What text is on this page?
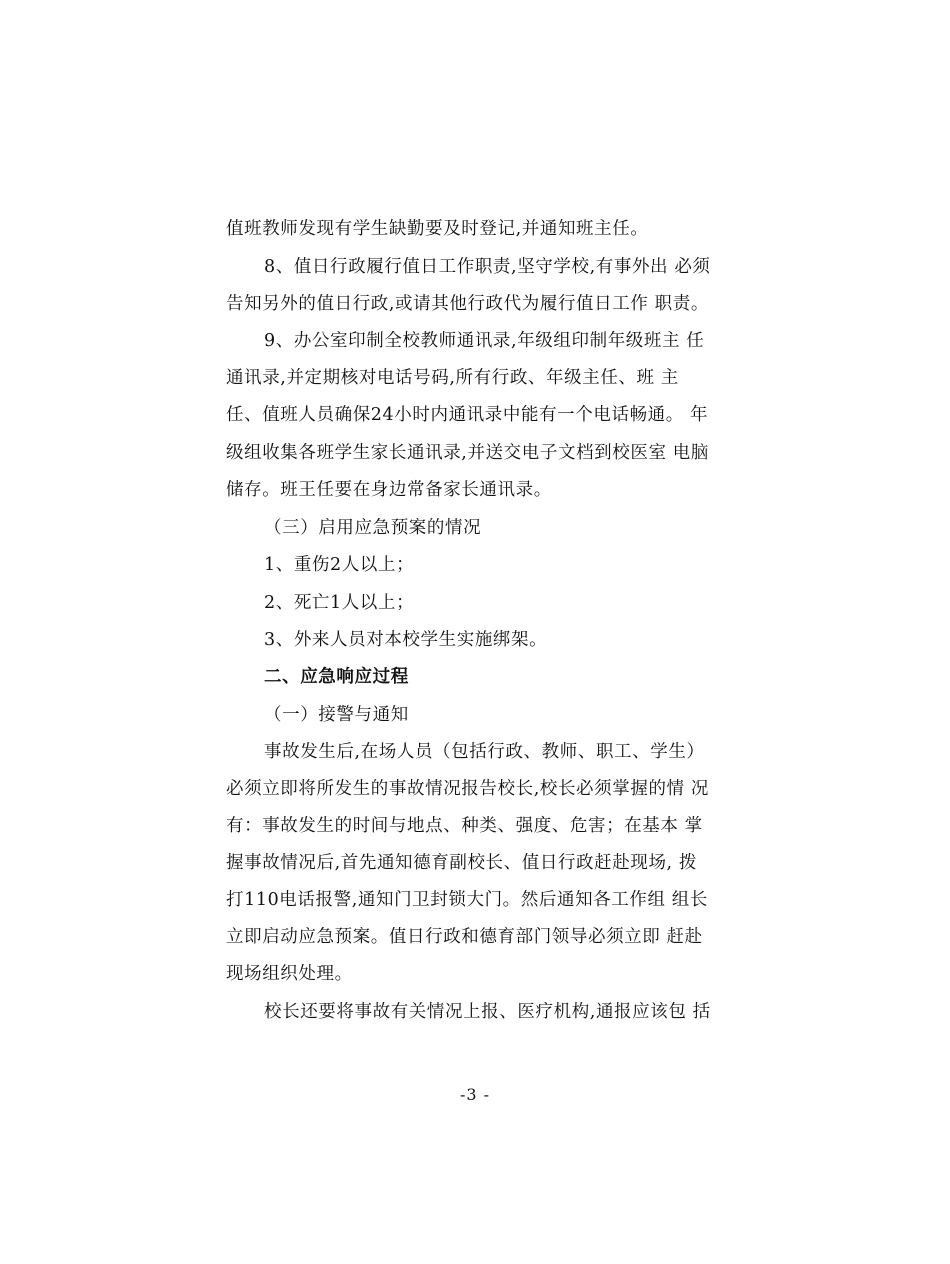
值班教师发现有学生缺勤要及时登记,并通知班主任。
8、值日行政履行值日工作职责,坚守学校,有事外出 必须
告知另外的值日行政,或请其他行政代为履行值日工作 职责。
9、办公室印制全校教师通讯录,年级组印制年级班主 任
通讯录,并定期核对电话号码,所有行政、年级主任、班 主
任、值班人员确保24小时内通讯录中能有一个电话畅通。 年
级组收集各班学生家长通讯录,并送交电子文档到校医室 电脑
储存。班王任要在身边常备家长通讯录。
（三）启用应急预案的情况
1、重伤2人以上；
2、死亡1人以上；
3、外来人员对本校学生实施绑架。
二、应急响应过程
（一）接警与通知
事故发生后,在场人员（包括行政、教师、职工、学生）
必须立即将所发生的事故情况报告校长,校长必须掌握的情 况
有：事故发生的时间与地点、种类、强度、危害；在基本 掌
握事故情况后,首先通知德育副校长、值日行政赶赴现场, 拨
打110电话报警,通知门卫封锁大门。然后通知各工作组 组长
立即启动应急预案。值日行政和德育部门领导必须立即 赶赴
现场组织处理。
校长还要将事故有关情况上报、医疗机构,通报应该包 括
-3 -
